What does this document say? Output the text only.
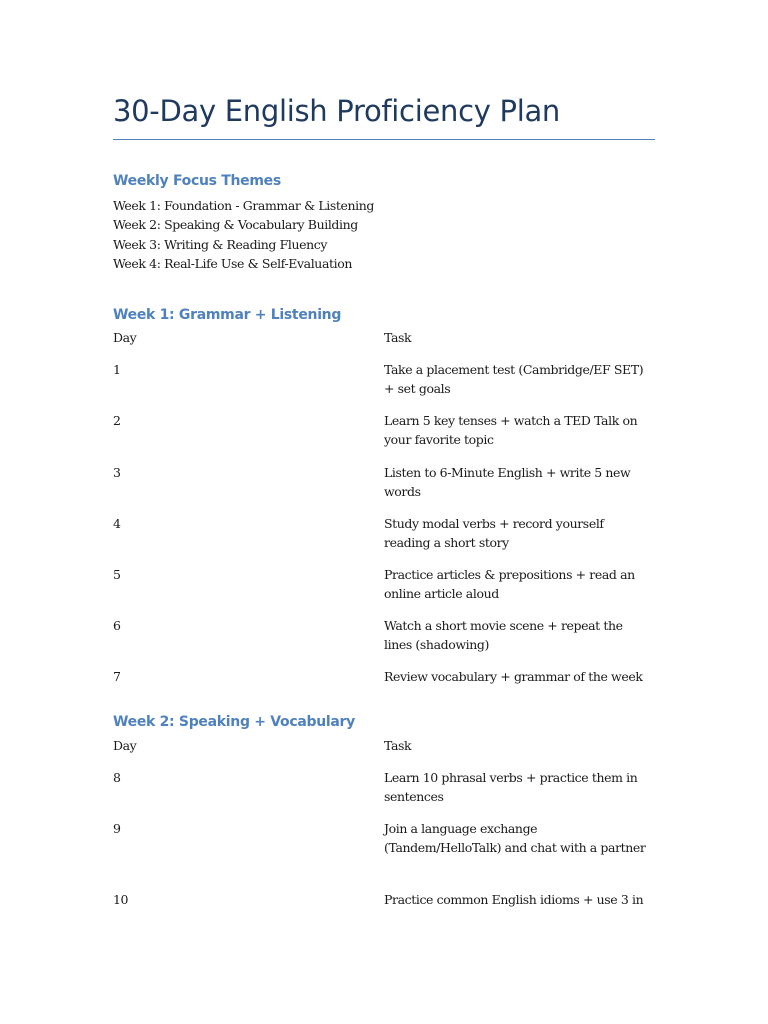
30-Day English Proficiency Plan
Weekly Focus Themes
Week 1: Foundation - Grammar & Listening
Week 2: Speaking & Vocabulary Building
Week 3: Writing & Reading Fluency
Week 4: Real-Life Use & Self-Evaluation
Week 1: Grammar + Listening
Day	Task
1	Take a placement test (Cambridge/EF SET) + set goals
2	Learn 5 key tenses + watch a TED Talk on your favorite topic
3	Listen to 6-Minute English + write 5 new words
4	Study modal verbs + record yourself reading a short story
5	Practice articles & prepositions + read an online article aloud
6	Watch a short movie scene + repeat the lines (shadowing)
7	Review vocabulary + grammar of the week
Week 2: Speaking + Vocabulary
Day	Task
8	Learn 10 phrasal verbs + practice them in sentences
9	Join a language exchange (Tandem/HelloTalk) and chat with a partner
10	Practice common English idioms + use 3 in
